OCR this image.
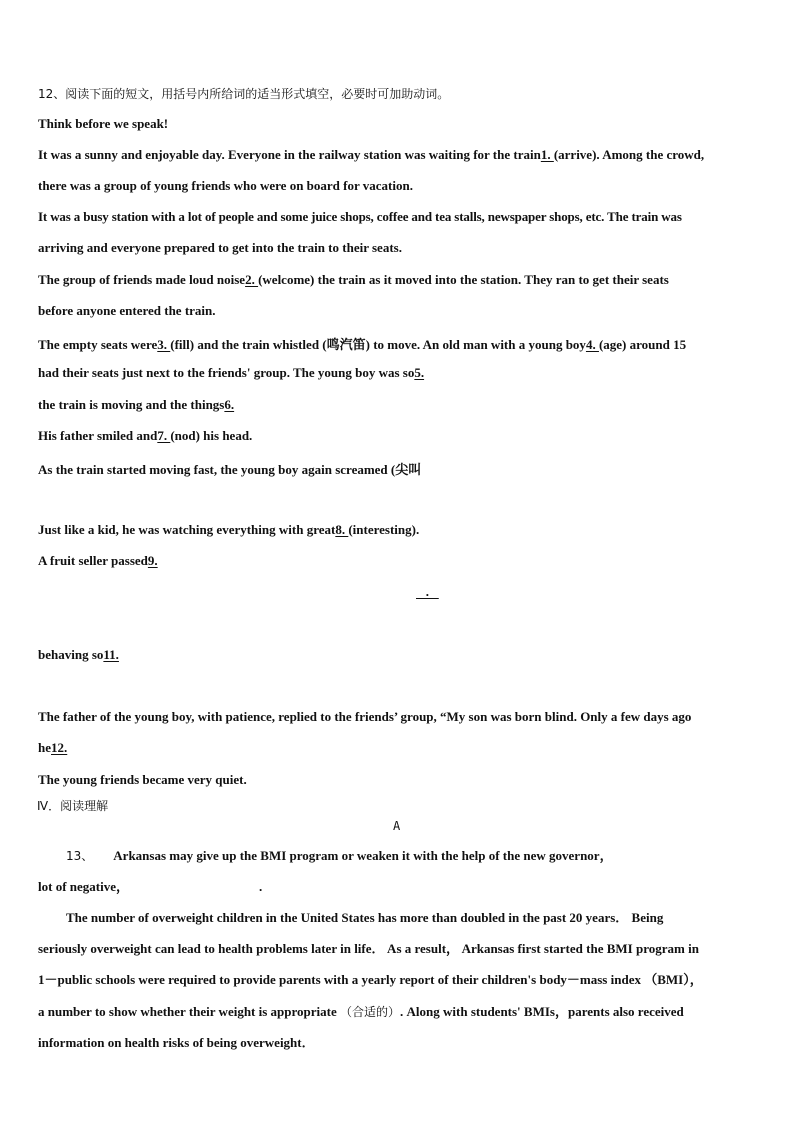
12、阅读下面的短文，用括号内所给词的适当形式填空，必要时可加助动词。
Think before we speak!
It was a sunny and enjoyable day. Everyone in the railway station was waiting for the train1. (arrive). Among the crowd,
there was a group of young friends who were on board for vacation.
It was a busy station with a lot of people and some juice shops, coffee and tea stalls, newspaper shops, etc. The train was
arriving and everyone prepared to get into the train to their seats.
The group of friends made loud noise2. (welcome) the train as it moved into the station. They ran to get their seats
before anyone entered the train.
The empty seats were3. (fill) and the train whistled (鸣汽笛) to move. An old man with a young boy4. (age) around 15
had their seats just next to the friends' group. The young boy was so5.
the train is moving and the things6.
His father smiled and7. (nod) his head.
As the train started moving fast, the young boy again screamed (尖叫
Just like a kid, he was watching everything with great8. (interesting).
A fruit seller passed9.
.
behaving so11.
The father of the young boy, with patience, replied to the friends’ group, “My son was born blind. Only a few days ago
he12.
The young friends became very quiet.
Ⅳ．阅读理解
A
13、 Arkansas may give up the BMI program or weaken it with the help of the new governor，
lot of negative，	.
The number of overweight children in the United States has more than doubled in the past 20 years． Being
seriously overweight can lead to health problems later in life． As a result， Arkansas first started the BMI program in
1－public schools were required to provide parents with a yearly report of their children's body－mass index （BMI），
a number to show whether their weight is appropriate （合适的）. Along with students' BMIs，parents also received
information on health risks of being overweight．
